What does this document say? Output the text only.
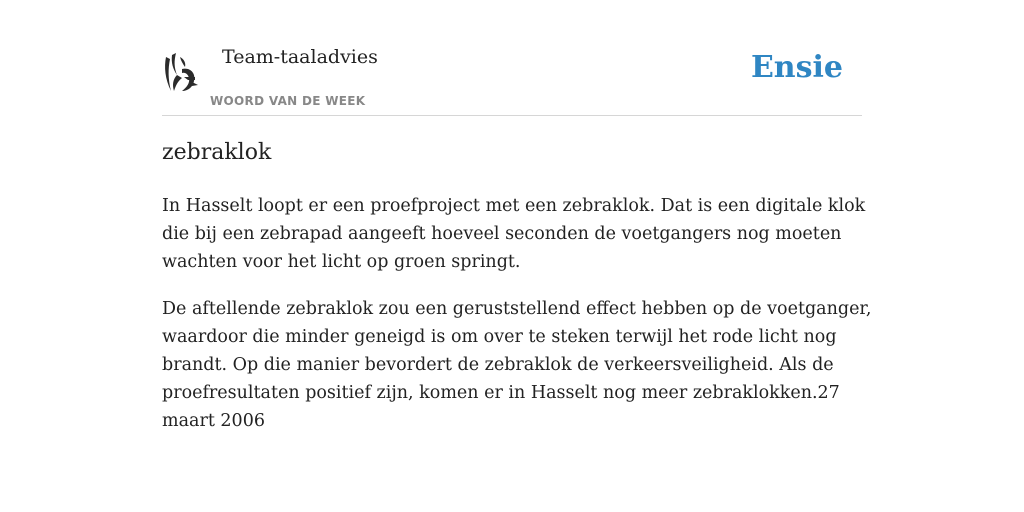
Team-taaladvies
WOORD VAN DE WEEK
Ensie
zebraklok

In Hasselt loopt er een proefproject met een zebraklok. Dat is een digitale klok die bij een zebrapad aangeeft hoeveel seconden de voetgangers nog moeten wachten voor het licht op groen springt.

De aftellende zebraklok zou een geruststellend effect hebben op de voetganger, waardoor die minder geneigd is om over te steken terwijl het rode licht nog brandt. Op die manier bevordert de zebraklok de verkeersveiligheid. Als de proefresultaten positief zijn, komen er in Hasselt nog meer zebraklokken.27 maart 2006
